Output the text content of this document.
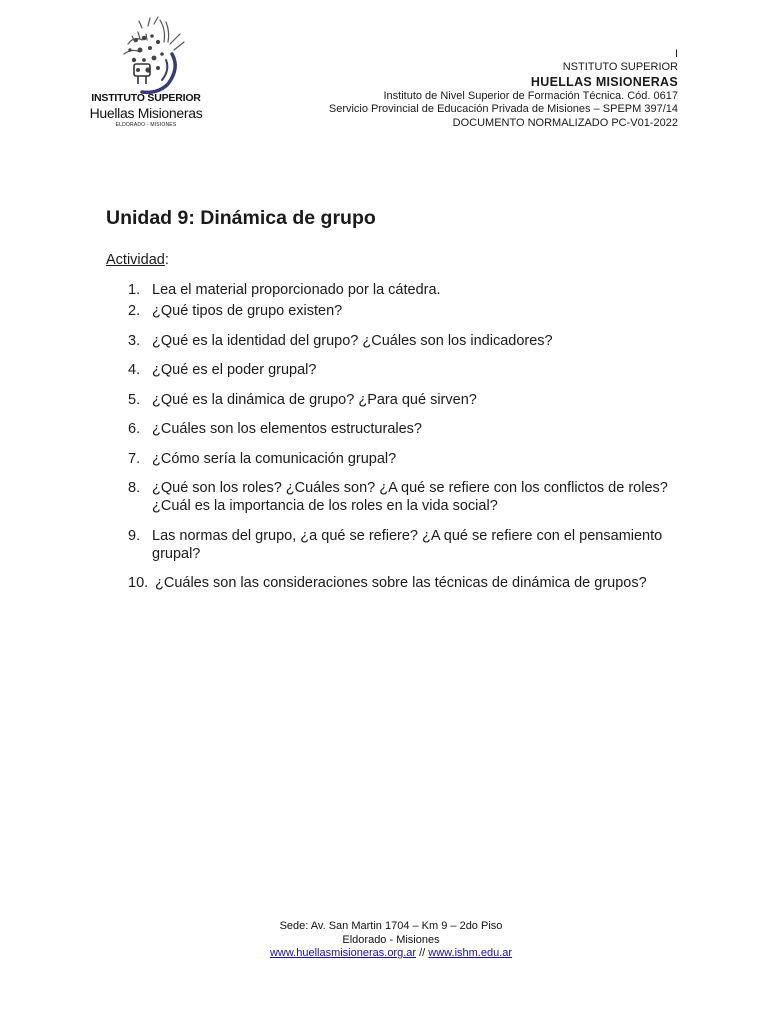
INSTITUTO SUPERIOR
Huellas Misioneras
ELDORADO - MISIONES
I
NSTITUTO SUPERIOR
HUELLAS MISIONERAS
Instituto de Nivel Superior de Formación Técnica. Cód. 0617
Servicio Provincial de Educación Privada de Misiones – SPEPM 397/14
DOCUMENTO NORMALIZADO PC-V01-2022
Unidad 9: Dinámica de grupo
Actividad:
1. Lea el material proporcionado por la cátedra.
2. ¿Qué tipos de grupo existen?
3. ¿Qué es la identidad del grupo? ¿Cuáles son los indicadores?
4. ¿Qué es el poder grupal?
5. ¿Qué es la dinámica de grupo? ¿Para qué sirven?
6. ¿Cuáles son los elementos estructurales?
7. ¿Cómo sería la comunicación grupal?
8. ¿Qué son los roles? ¿Cuáles son? ¿A qué se refiere con los conflictos de roles? ¿Cuál es la importancia de los roles en la vida social?
9. Las normas del grupo, ¿a qué se refiere? ¿A qué se refiere con el pensamiento grupal?
10. ¿Cuáles son las consideraciones sobre las técnicas de dinámica de grupos?
Sede: Av. San Martin 1704 – Km 9 – 2do Piso
Eldorado - Misiones
www.huellasmisioneras.org.ar // www.ishm.edu.ar
